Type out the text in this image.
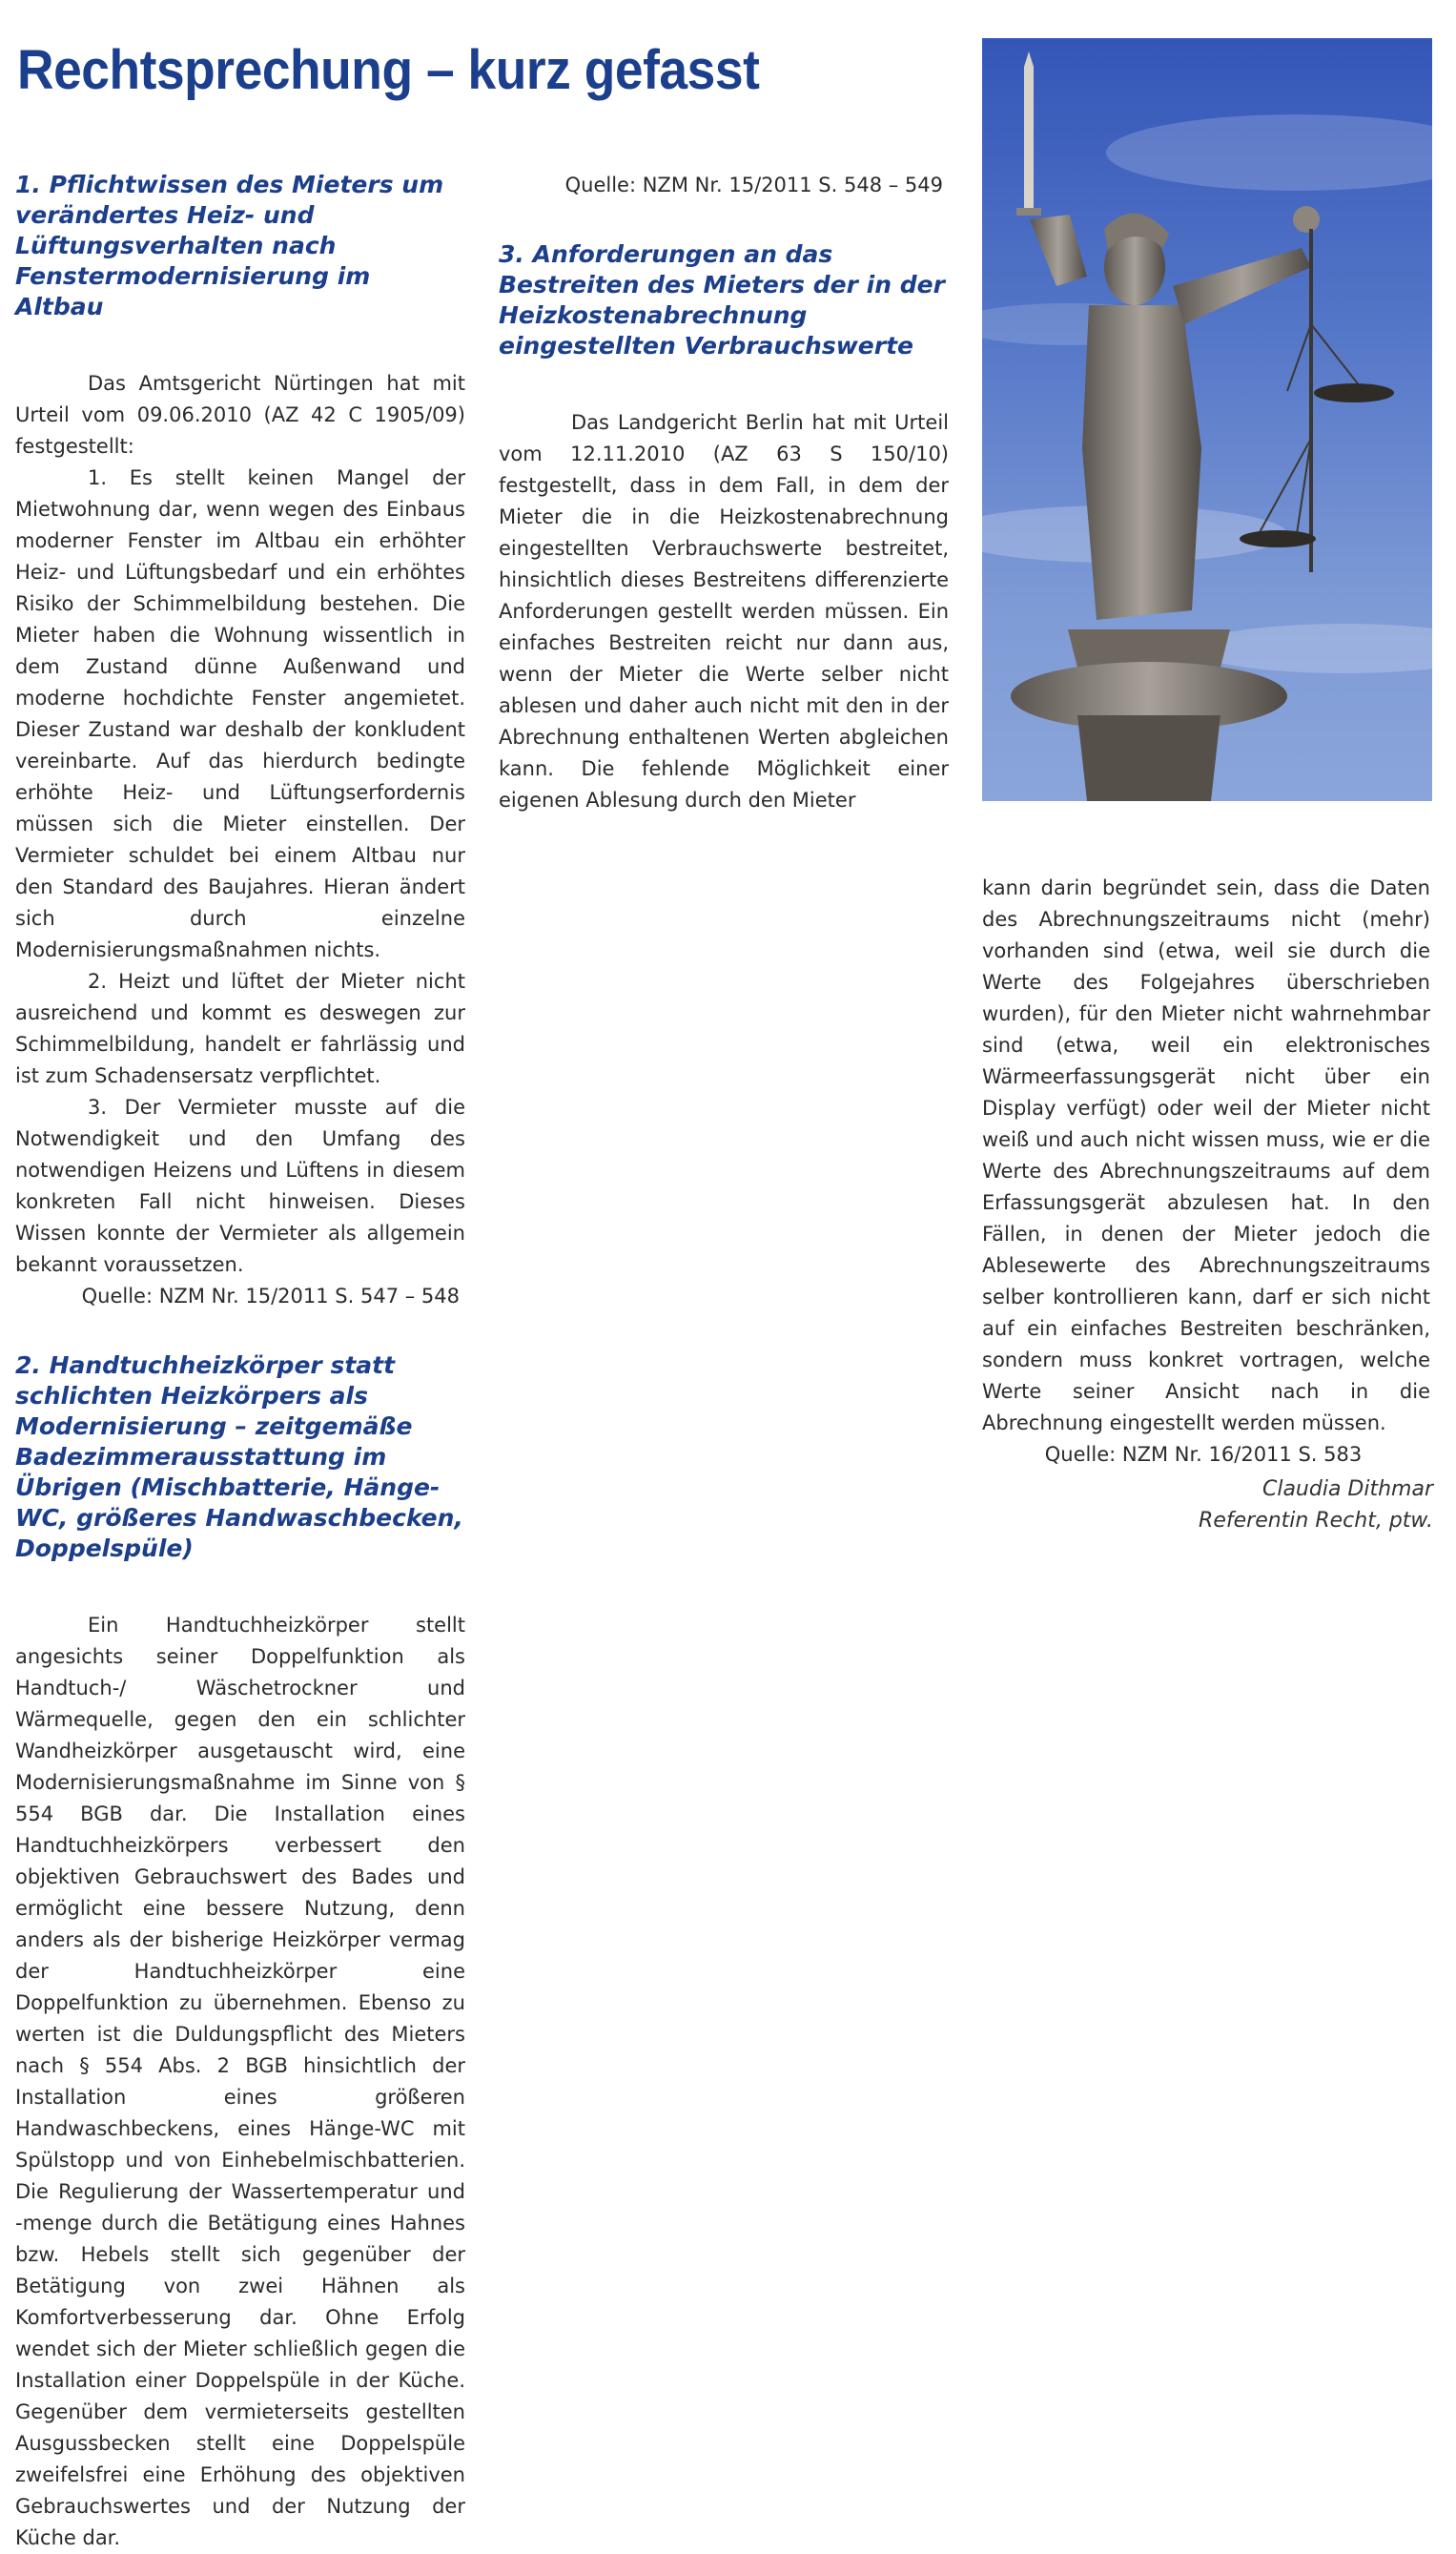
Rechtsprechung – kurz gefasst
1. Pflichtwissen des Mieters um verändertes Heiz- und Lüftungsverhalten nach Fenstermodernisierung im Altbau

Das Amtsgericht Nürtingen hat mit Urteil vom 09.06.2010 (AZ 42 C 1905/09) festgestellt:

1. Es stellt keinen Mangel der Mietwohnung dar, wenn wegen des Einbaus moderner Fenster im Altbau ein erhöhter Heiz- und Lüftungsbedarf und ein erhöhtes Risiko der Schimmelbildung bestehen. Die Mieter haben die Wohnung wissentlich in dem Zustand dünne Außenwand und moderne hochdichte Fenster angemietet. Dieser Zustand war deshalb der konkludent vereinbarte. Auf das hierdurch bedingte erhöhte Heiz- und Lüftungserfordernis müssen sich die Mieter einstellen. Der Vermieter schuldet bei einem Altbau nur den Standard des Baujahres. Hieran ändert sich durch einzelne Modernisierungsmaßnahmen nichts.

2. Heizt und lüftet der Mieter nicht ausreichend und kommt es deswegen zur Schimmelbildung, handelt er fahrlässig und ist zum Schadensersatz verpflichtet.

3. Der Vermieter musste auf die Notwendigkeit und den Umfang des notwendigen Heizens und Lüftens in diesem konkreten Fall nicht hinweisen. Dieses Wissen konnte der Vermieter als allgemein bekannt voraussetzen.

Quelle: NZM Nr. 15/2011 S. 547 – 548

2. Handtuchheizkörper statt schlichten Heizkörpers als Modernisierung – zeitgemäße Badezimmerausstattung im Übrigen (Mischbatterie, Hänge-WC, größeres Handwaschbecken, Doppelspüle)

Ein Handtuchheizkörper stellt angesichts seiner Doppelfunktion als Handtuch-/ Wäschetrockner und Wärmequelle, gegen den ein schlichter Wandheizkörper ausgetauscht wird, eine Modernisierungsmaßnahme im Sinne von § 554 BGB dar. Die Installation eines Handtuchheizkörpers verbessert den objektiven Gebrauchswert des Bades und ermöglicht eine bessere Nutzung, denn anders als der bisherige Heizkörper vermag der Handtuchheizkörper eine Doppelfunktion zu übernehmen. Ebenso zu werten ist die Duldungspflicht des Mieters nach § 554 Abs. 2 BGB hinsichtlich der Installation eines größeren Handwaschbeckens, eines Hänge-WC mit Spülstopp und von Einhebelmischbatterien. Die Regulierung der Wassertemperatur und -menge durch die Betätigung eines Hahnes bzw. Hebels stellt sich gegenüber der Betätigung von zwei Hähnen als Komfortverbesserung dar. Ohne Erfolg wendet sich der Mieter schließlich gegen die Installation einer Doppelspüle in der Küche. Gegenüber dem vermieterseits gestellten Ausgussbecken stellt eine Doppelspüle zweifelsfrei eine Erhöhung des objektiven Gebrauchswertes und der Nutzung der Küche dar.

Quelle: NZM Nr. 15/2011 S. 548 – 549

3. Anforderungen an das Bestreiten des Mieters der in der Heizkostenabrechnung eingestellten Verbrauchswerte

Das Landgericht Berlin hat mit Urteil vom 12.11.2010 (AZ 63 S 150/10) festgestellt, dass in dem Fall, in dem der Mieter die in die Heizkostenabrechnung eingestellten Verbrauchswerte bestreitet, hinsichtlich dieses Bestreitens differenzierte Anforderungen gestellt werden müssen. Ein einfaches Bestreiten reicht nur dann aus, wenn der Mieter die Werte selber nicht ablesen und daher auch nicht mit den in der Abrechnung enthaltenen Werten abgleichen kann. Die fehlende Möglichkeit einer eigenen Ablesung durch den Mieter

kann darin begründet sein, dass die Daten des Abrechnungszeitraums nicht (mehr) vorhanden sind (etwa, weil sie durch die Werte des Folgejahres überschrieben wurden), für den Mieter nicht wahrnehmbar sind (etwa, weil ein elektronisches Wärmeerfassungsgerät nicht über ein Display verfügt) oder weil der Mieter nicht weiß und auch nicht wissen muss, wie er die Werte des Abrechnungszeitraums auf dem Erfassungsgerät abzulesen hat. In den Fällen, in denen der Mieter jedoch die Ablesewerte des Abrechnungszeitraums selber kontrollieren kann, darf er sich nicht auf ein einfaches Bestreiten beschränken, sondern muss konkret vortragen, welche Werte seiner Ansicht nach in die Abrechnung eingestellt werden müssen.

Quelle: NZM Nr. 16/2011 S. 583

Claudia Dithmar
Referentin Recht, ptw.
